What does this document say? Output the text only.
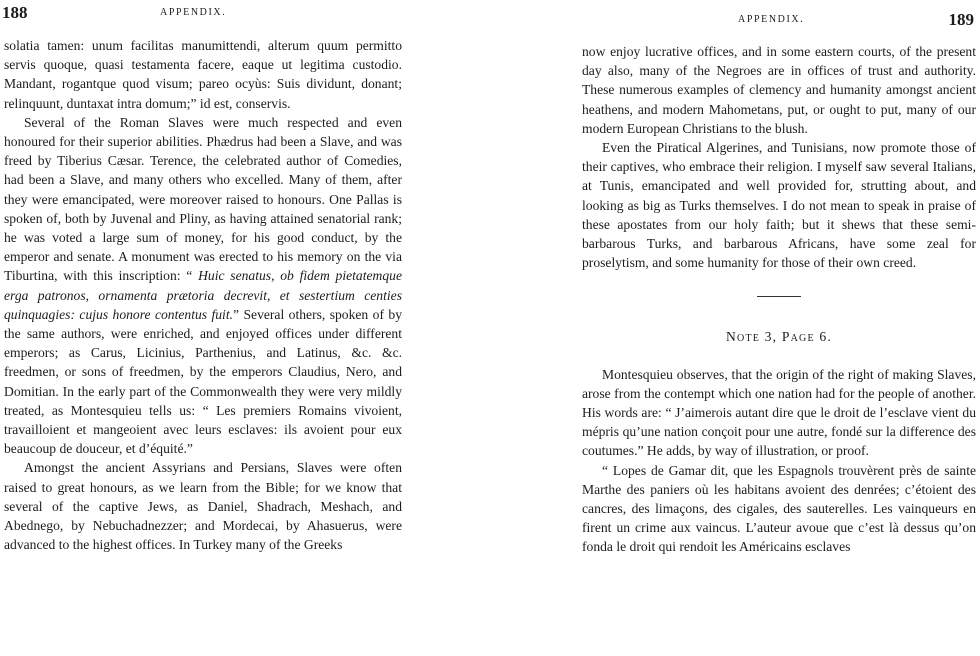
188	APPENDIX.

solatia tamen: unum facilitas manumittendi, alterum quum permitto servis quoque, quasi testamenta facere, eaque ut legitima custodio. Mandant, rogantque quod visum; pareo ocyùs: Suis dividunt, donant; relinquunt, duntaxat intra domum;” id est, conservis.

Several of the Roman Slaves were much respected and even honoured for their superior abilities. Phædrus had been a Slave, and was freed by Tiberius Cæsar. Terence, the celebrated author of Comedies, had been a Slave, and many others who excelled. Many of them, after they were emancipated, were moreover raised to honours. One Pallas is spoken of, both by Juvenal and Pliny, as having attained senatorial rank; he was voted a large sum of money, for his good conduct, by the emperor and senate. A monument was erected to his memory on the via Tiburtina, with this inscription: “ Huic senatus, ob fidem pietatemque erga patronos, ornamenta prætoria decrevit, et sestertium centies quinquagies: cujus honore contentus fuit.” Several others, spoken of by the same authors, were enriched, and enjoyed offices under different emperors; as Carus, Licinius, Parthenius, and Latinus, &c. &c. freedmen, or sons of freedmen, by the emperors Claudius, Nero, and Domitian. In the early part of the Commonwealth they were very mildly treated, as Montesquieu tells us: “ Les premiers Romains vivoient, travailloient et mangeoient avec leurs esclaves: ils avoient pour eux beaucoup de douceur, et d’équité.”

Amongst the ancient Assyrians and Persians, Slaves were often raised to great honours, as we learn from the Bible; for we know that several of the captive Jews, as Daniel, Shadrach, Meshach, and Abednego, by Nebuchadnezzer; and Mordecai, by Ahasuerus, were advanced to the highest offices. In Turkey many of the Greeks

APPENDIX.	189

now enjoy lucrative offices, and in some eastern courts, of the present day also, many of the Negroes are in offices of trust and authority. These numerous examples of clemency and humanity amongst ancient heathens, and modern Mahometans, put, or ought to put, many of our modern European Christians to the blush.

Even the Piratical Algerines, and Tunisians, now promote those of their captives, who embrace their religion. I myself saw several Italians, at Tunis, emancipated and well provided for, strutting about, and looking as big as Turks themselves. I do not mean to speak in praise of these apostates from our holy faith; but it shews that these semi-barbarous Turks, and barbarous Africans, have some zeal for proselytism, and some humanity for those of their own creed.

Note 3, Page 6.

Montesquieu observes, that the origin of the right of making Slaves, arose from the contempt which one nation had for the people of another. His words are: “ J’aimerois autant dire que le droit de l’esclave vient du mépris qu’une nation conçoit pour une autre, fondé sur la difference des coutumes.” He adds, by way of illustration, or proof.

“ Lopes de Gamar dit, que les Espagnols trouvèrent près de sainte Marthe des paniers où les habitans avoient des denrées; c’étoient des cancres, des limaçons, des cigales, des sauterelles. Les vainqueurs en firent un crime aux vaincus. L’auteur avoue que c’est là dessus qu’on fonda le droit qui rendoit les Américains esclaves
